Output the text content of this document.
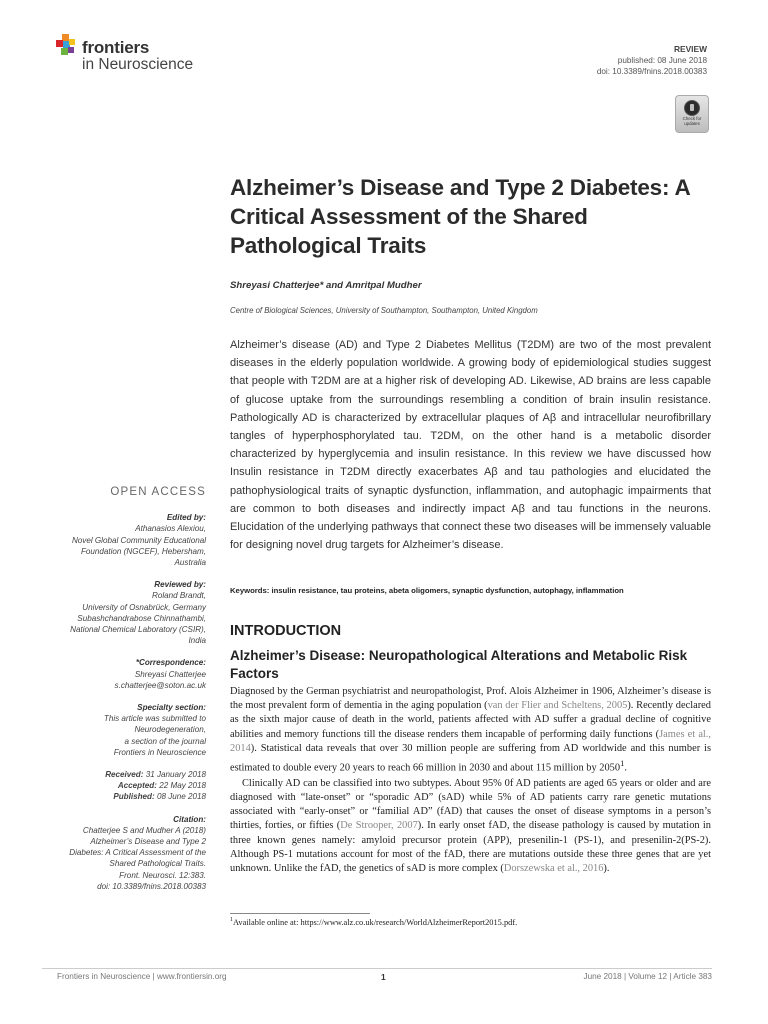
frontiers
in Neuroscience
REVIEW
published: 08 June 2018
doi: 10.3389/fnins.2018.00383
Check for updates
Alzheimer’s Disease and Type 2 Diabetes: A Critical Assessment of the Shared Pathological Traits
Shreyasi Chatterjee* and Amritpal Mudher
Centre of Biological Sciences, University of Southampton, Southampton, United Kingdom
Alzheimer’s disease (AD) and Type 2 Diabetes Mellitus (T2DM) are two of the most prevalent diseases in the elderly population worldwide. A growing body of epidemiological studies suggest that people with T2DM are at a higher risk of developing AD. Likewise, AD brains are less capable of glucose uptake from the surroundings resembling a condition of brain insulin resistance. Pathologically AD is characterized by extracellular plaques of Aβ and intracellular neurofibrillary tangles of hyperphosphorylated tau. T2DM, on the other hand is a metabolic disorder characterized by hyperglycemia and insulin resistance. In this review we have discussed how Insulin resistance in T2DM directly exacerbates Aβ and tau pathologies and elucidated the pathophysiological traits of synaptic dysfunction, inflammation, and autophagic impairments that are common to both diseases and indirectly impact Aβ and tau functions in the neurons. Elucidation of the underlying pathways that connect these two diseases will be immensely valuable for designing novel drug targets for Alzheimer’s disease.
Keywords: insulin resistance, tau proteins, abeta oligomers, synaptic dysfunction, autophagy, inflammation
OPEN ACCESS
Edited by:
Athanasios Alexiou,
Novel Global Community Educational
Foundation (NGCEF), Hebersham,
Australia
Reviewed by:
Roland Brandt,
University of Osnabrück, Germany
Subashchandrabose Chinnathambi,
National Chemical Laboratory (CSIR),
India
*Correspondence:
Shreyasi Chatterjee
s.chatterjee@soton.ac.uk
Specialty section:
This article was submitted to
Neurodegeneration,
a section of the journal
Frontiers in Neuroscience
Received: 31 January 2018
Accepted: 22 May 2018
Published: 08 June 2018
Citation:
Chatterjee S and Mudher A (2018)
Alzheimer’s Disease and Type 2
Diabetes: A Critical Assessment of the
Shared Pathological Traits.
Front. Neurosci. 12:383.
doi: 10.3389/fnins.2018.00383
INTRODUCTION
Alzheimer’s Disease: Neuropathological Alterations and Metabolic Risk Factors

Diagnosed by the German psychiatrist and neuropathologist, Prof. Alois Alzheimer in 1906, Alzheimer’s disease is the most prevalent form of dementia in the aging population (van der Flier and Scheltens, 2005). Recently declared as the sixth major cause of death in the world, patients affected with AD suffer a gradual decline of cognitive abilities and memory functions till the disease renders them incapable of performing daily functions (James et al., 2014). Statistical data reveals that over 30 million people are suffering from AD worldwide and this number is estimated to double every 20 years to reach 66 million in 2030 and about 115 million by 2050$^1$.

Clinically AD can be classified into two subtypes. About 95% 0f AD patients are aged 65 years or older and are diagnosed with “late-onset” or “sporadic AD” (sAD) while 5% of AD patients carry rare genetic mutations associated with “early-onset” or “familial AD” (fAD) that causes the onset of disease symptoms in a person’s thirties, forties, or fifties (De Strooper, 2007). In early onset fAD, the disease pathology is caused by mutation in three known genes namely: amyloid precursor protein (APP), presenilin-1 (PS-1), and presenilin-2(PS-2). Although PS-1 mutations account for most of the fAD, there are mutations outside these three genes that are yet unknown. Unlike the fAD, the genetics of sAD is more complex (Dorszewska et al., 2016).

$^1$Available online at: https://www.alz.co.uk/research/WorldAlzheimerReport2015.pdf.
Frontiers in Neuroscience | www.frontiersin.org	1	June 2018 | Volume 12 | Article 383
